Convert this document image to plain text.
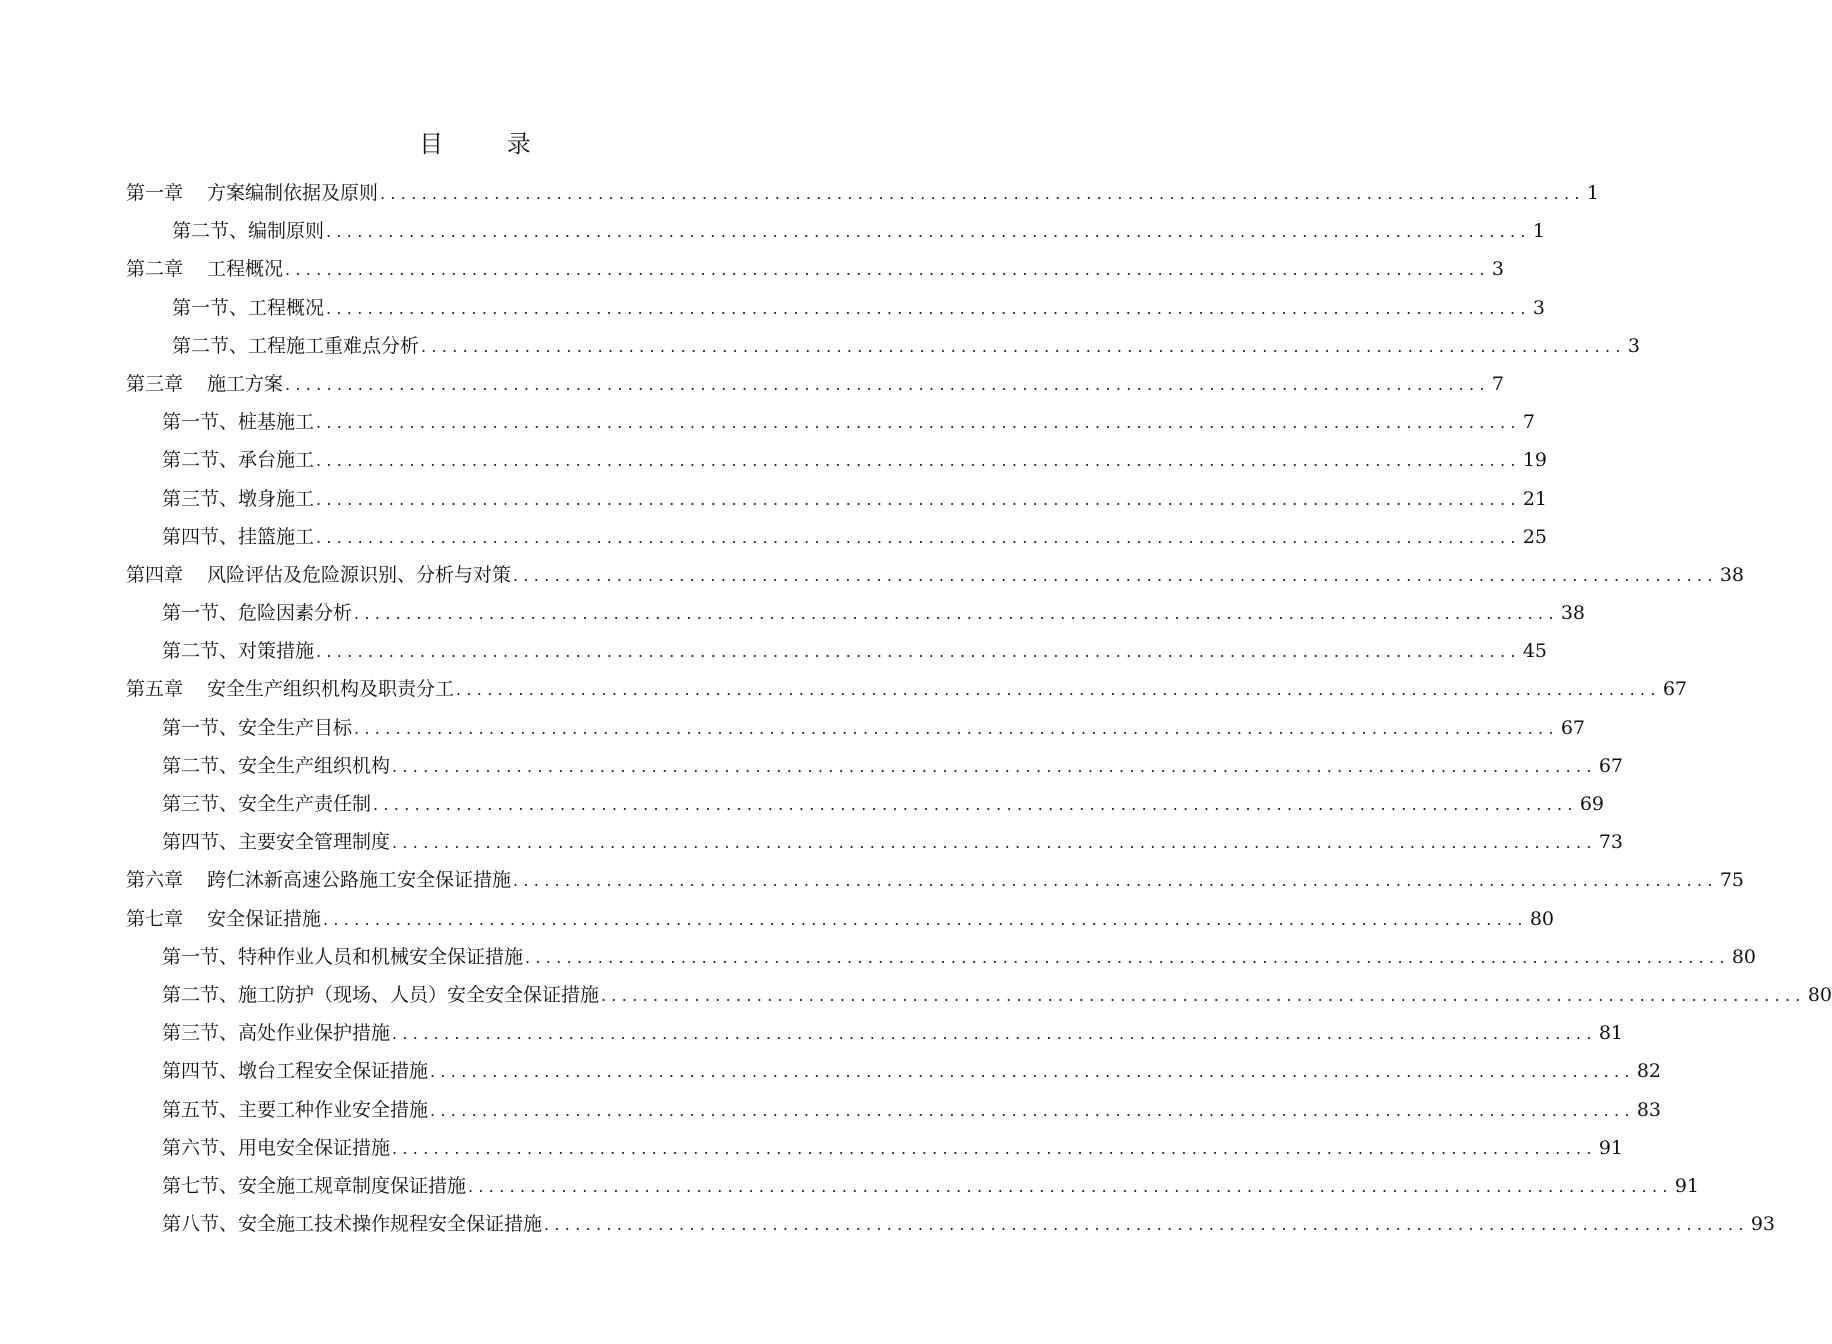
目 录
第一章 方案编制依据及原则 .................................................................................................................... 1
第二节、编制原则 .................................................................................................................... 1
第二章 工程概况 .................................................................................................................... 3
第一节、工程概况 .................................................................................................................... 3
第二节、工程施工重难点分析 .................................................................................................................... 3
第三章 施工方案 .................................................................................................................... 7
第一节、桩基施工 .................................................................................................................... 7
第二节、承台施工 .................................................................................................................... 19
第三节、墩身施工 .................................................................................................................... 21
第四节、挂篮施工 .................................................................................................................... 25
第四章 风险评估及危险源识别、分析与对策 .................................................................................................................... 38
第一节、危险因素分析 .................................................................................................................... 38
第二节、对策措施 .................................................................................................................... 45
第五章 安全生产组织机构及职责分工 .................................................................................................................... 67
第一节、安全生产目标 .................................................................................................................... 67
第二节、安全生产组织机构 .................................................................................................................... 67
第三节、安全生产责任制 .................................................................................................................... 69
第四节、主要安全管理制度 .................................................................................................................... 73
第六章 跨仁沐新高速公路施工安全保证措施 .................................................................................................................... 75
第七章 安全保证措施 .................................................................................................................... 80
第一节、特种作业人员和机械安全保证措施 .................................................................................................................... 80
第二节、施工防护（现场、人员）安全安全保证措施 .................................................................................................................... 80
第三节、高处作业保护措施 .................................................................................................................... 81
第四节、墩台工程安全保证措施 .................................................................................................................... 82
第五节、主要工种作业安全措施 .................................................................................................................... 83
第六节、用电安全保证措施 .................................................................................................................... 91
第七节、安全施工规章制度保证措施 .................................................................................................................... 91
第八节、安全施工技术操作规程安全保证措施 .................................................................................................................... 93
